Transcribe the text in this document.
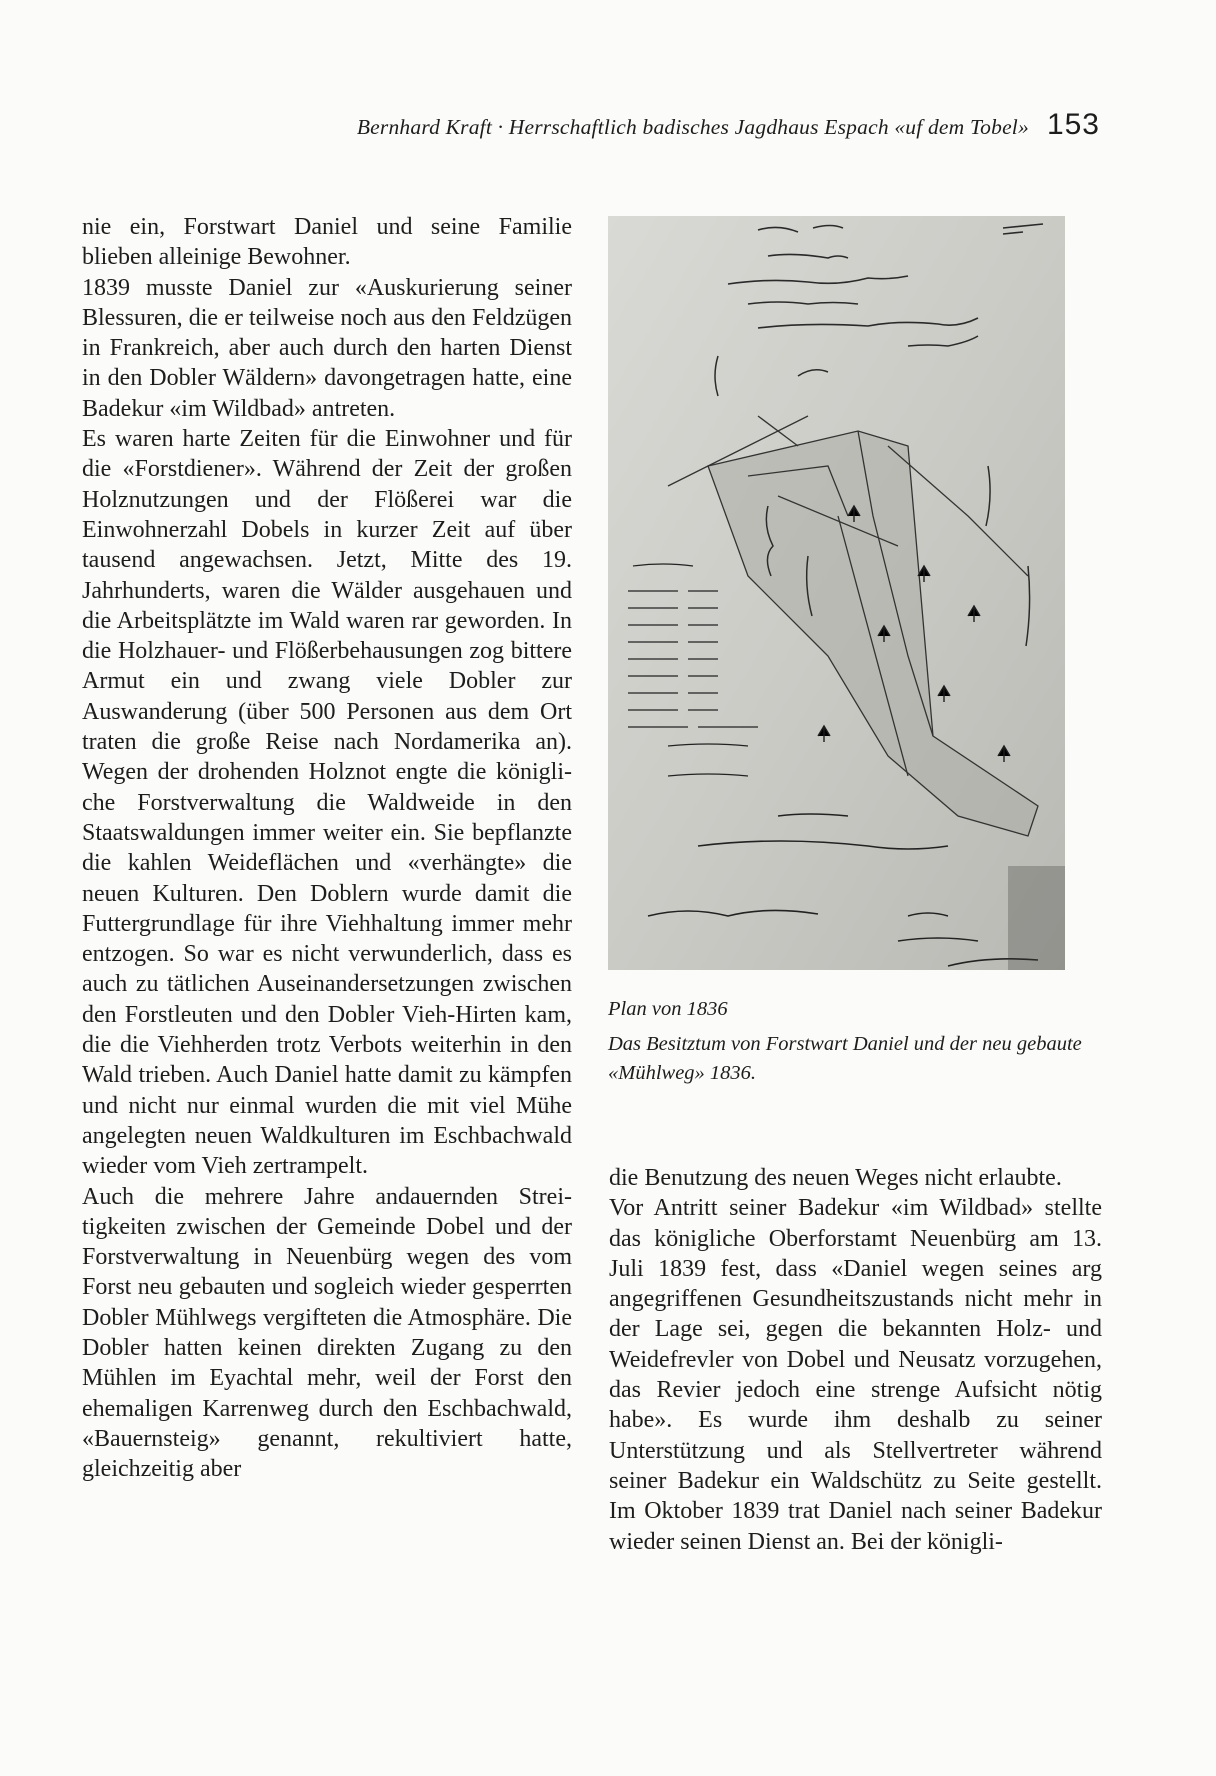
Bernhard Kraft · Herrschaftlich badisches Jagdhaus Espach «uf dem Tobel» 153

nie ein, Forstwart Daniel und seine Familie blieben alleinige Bewohner.

1839 musste Daniel zur «Auskurierung seiner Blessuren, die er teilweise noch aus den Feldzügen in Frankreich, aber auch durch den harten Dienst in den Dobler Wäldern» davongetragen hatte, eine Badekur «im Wildbad» antreten.

Es waren harte Zeiten für die Einwohner und für die «Forstdiener». Während der Zeit der großen Holznutzungen und der Flößerei war die Einwohnerzahl Dobels in kurzer Zeit auf über tausend angewachsen. Jetzt, Mitte des 19. Jahrhunderts, waren die Wälder ausgehauen und die Arbeitsplätzte im Wald waren rar geworden. In die Holzhauer- und Flößerbehausungen zog bittere Armut ein und zwang viele Dobler zur Auswanderung (über 500 Personen aus dem Ort traten die große Reise nach Nordamerika an). Wegen der drohenden Holznot engte die königliche Forstverwaltung die Waldweide in den Staatswaldungen immer weiter ein. Sie bepflanzte die kahlen Weideflächen und «verhängte» die neuen Kulturen. Den Doblern wurde damit die Futtergrundlage für ihre Viehhaltung immer mehr entzogen. So war es nicht verwunderlich, dass es auch zu tätlichen Auseinandersetzungen zwischen den Forstleuten und den Dobler Vieh-Hirten kam, die die Viehherden trotz Verbots weiterhin in den Wald trieben. Auch Daniel hatte damit zu kämpfen und nicht nur einmal wurden die mit viel Mühe angelegten neuen Waldkulturen im Eschbachwald wieder vom Vieh zertrampelt.

Auch die mehrere Jahre andauernden Streitigkeiten zwischen der Gemeinde Dobel und der Forstverwaltung in Neuenbürg wegen des vom Forst neu gebauten und sogleich wieder gesperrten Dobler Mühlwegs vergifteten die Atmosphäre. Die Dobler hatten keinen direkten Zugang zu den Mühlen im Eyachtal mehr, weil der Forst den ehemaligen Karrenweg durch den Eschbachwald, «Bauernsteig» genannt, rekultiviert hatte, gleichzeitig aber

Plan von 1836
Das Besitztum von Forstwart Daniel und der neu gebaute «Mühlweg» 1836.

die Benutzung des neuen Weges nicht erlaubte.

Vor Antritt seiner Badekur «im Wildbad» stellte das königliche Oberforstamt Neuenbürg am 13. Juli 1839 fest, dass «Daniel wegen seines arg angegriffenen Gesundheitszustands nicht mehr in der Lage sei, gegen die bekannten Holz- und Weidefrevler von Dobel und Neusatz vorzugehen, das Revier jedoch eine strenge Aufsicht nötig habe». Es wurde ihm deshalb zu seiner Unterstützung und als Stellvertreter während seiner Badekur ein Waldschütz zu Seite gestellt. Im Oktober 1839 trat Daniel nach seiner Badekur wieder seinen Dienst an. Bei der königli-
